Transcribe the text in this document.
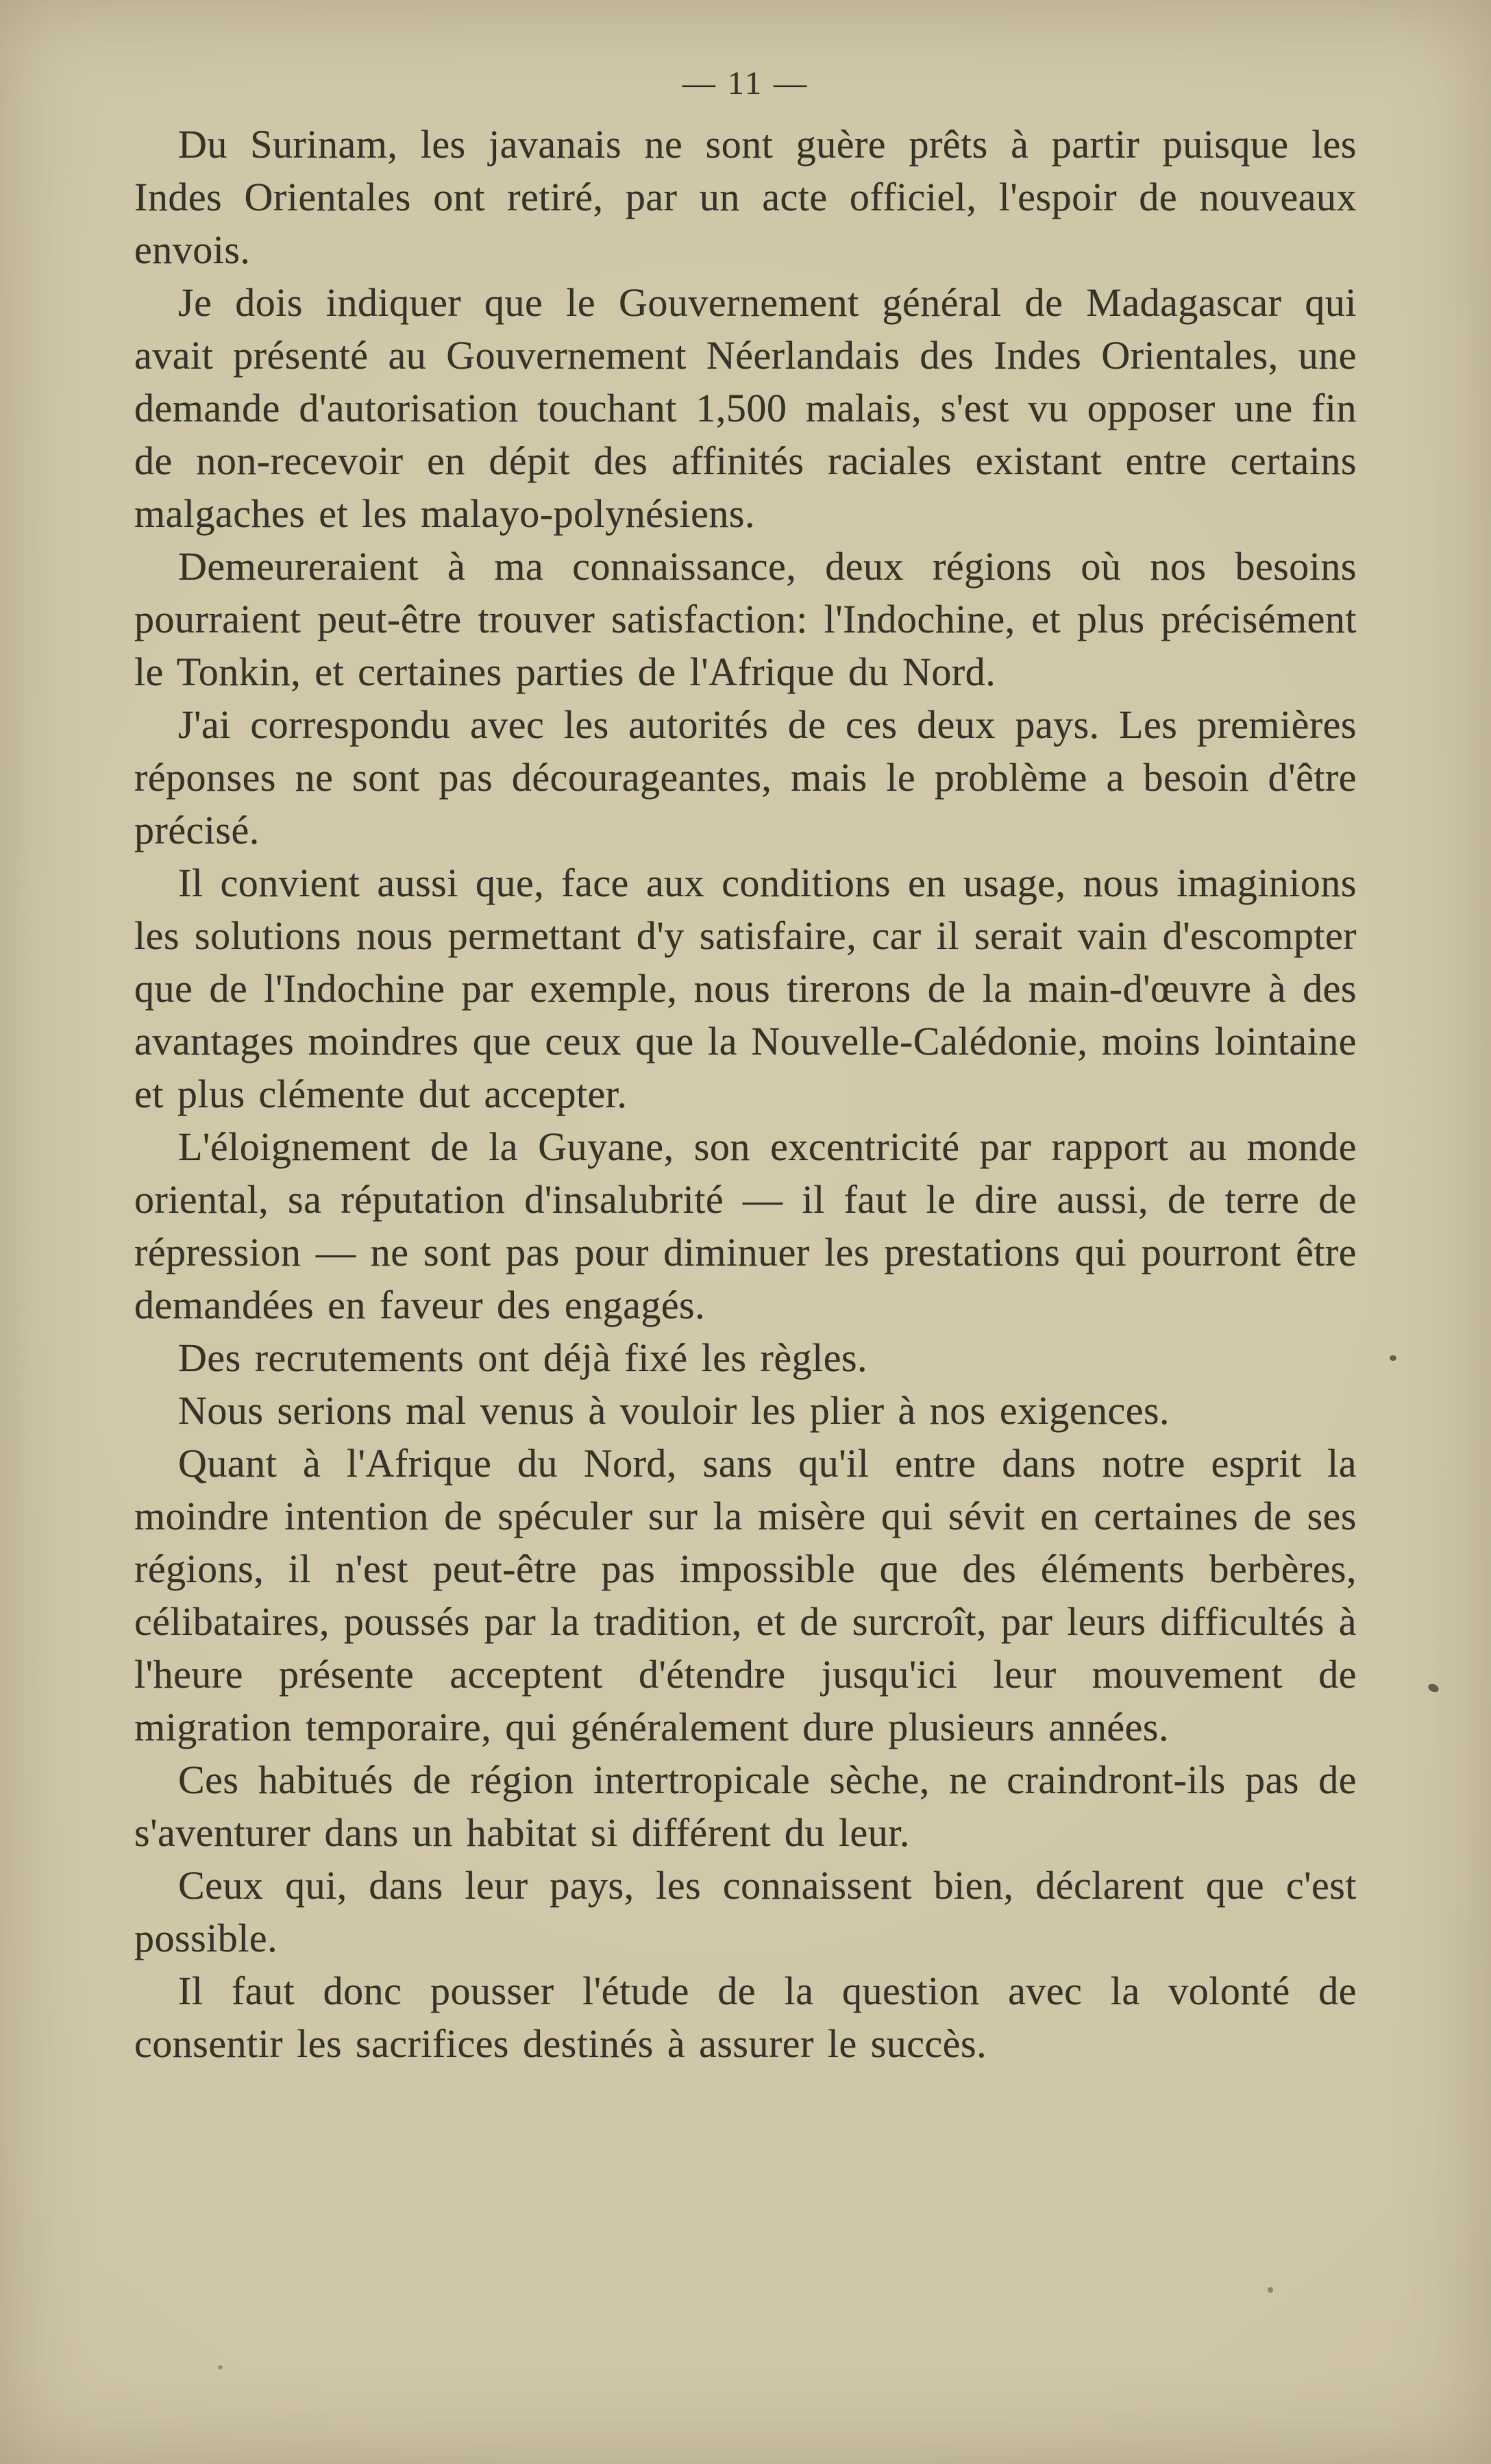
— 11 —

Du Surinam, les javanais ne sont guère prêts à partir puisque les Indes Orientales ont retiré, par un acte officiel, l'espoir de nouveaux envois.

Je dois indiquer que le Gouvernement général de Madagascar qui avait présenté au Gouvernement Néerlandais des Indes Orientales, une demande d'autorisation touchant 1,500 malais, s'est vu opposer une fin de non-recevoir en dépit des affinités raciales existant entre certains malgaches et les malayo-polynésiens.

Demeureraient à ma connaissance, deux régions où nos besoins pourraient peut-être trouver satisfaction: l'Indochine, et plus précisément le Tonkin, et certaines parties de l'Afrique du Nord.

J'ai correspondu avec les autorités de ces deux pays. Les premières réponses ne sont pas décourageantes, mais le problème a besoin d'être précisé.

Il convient aussi que, face aux conditions en usage, nous imaginions les solutions nous permettant d'y satisfaire, car il serait vain d'escompter que de l'Indochine par exemple, nous tirerons de la main-d'œuvre à des avantages moindres que ceux que la Nouvelle-Calédonie, moins lointaine et plus clémente dut accepter.

L'éloignement de la Guyane, son excentricité par rapport au monde oriental, sa réputation d'insalubrité — il faut le dire aussi, de terre de répression — ne sont pas pour diminuer les prestations qui pourront être demandées en faveur des engagés.

Des recrutements ont déjà fixé les règles.

Nous serions mal venus à vouloir les plier à nos exigences.

Quant à l'Afrique du Nord, sans qu'il entre dans notre esprit la moindre intention de spéculer sur la misère qui sévit en certaines de ses régions, il n'est peut-être pas impossible que des éléments berbères, célibataires, poussés par la tradition, et de surcroît, par leurs difficultés à l'heure présente acceptent d'étendre jusqu'ici leur mouvement de migration temporaire, qui généralement dure plusieurs années.

Ces habitués de région intertropicale sèche, ne craindront-ils pas de s'aventurer dans un habitat si différent du leur.

Ceux qui, dans leur pays, les connaissent bien, déclarent que c'est possible.

Il faut donc pousser l'étude de la question avec la volonté de consentir les sacrifices destinés à assurer le succès.
